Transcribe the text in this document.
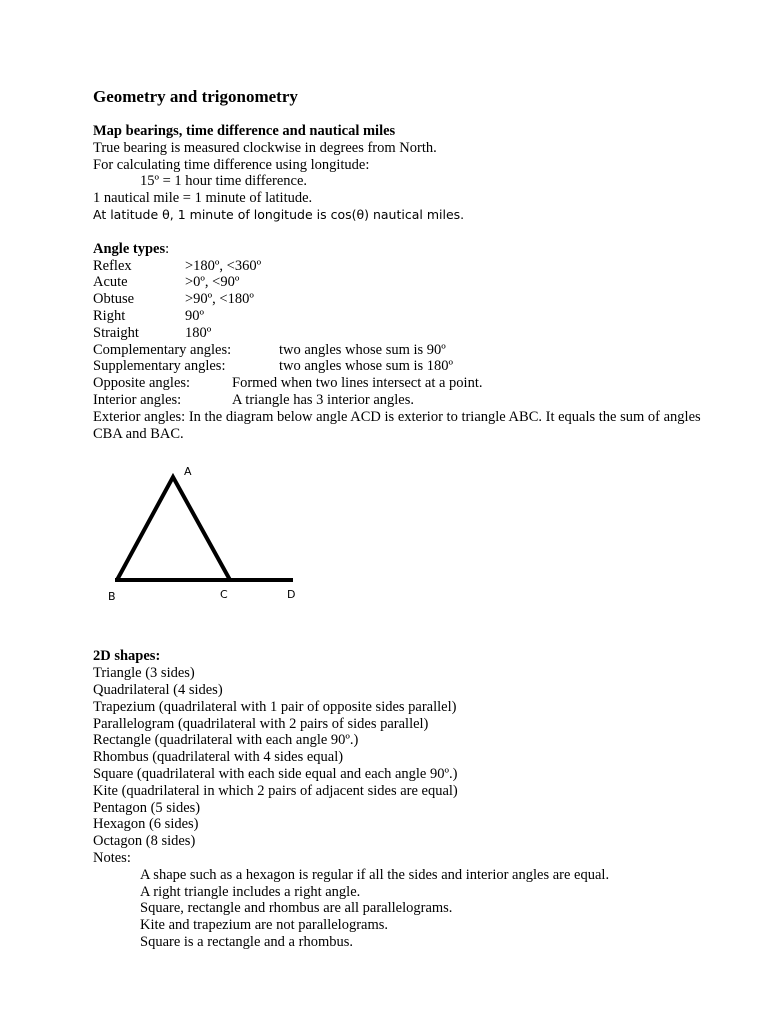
Geometry and trigonometry
Map bearings, time difference and nautical miles
True bearing is measured clockwise in degrees from North.
For calculating time difference using longitude:
15º = 1 hour time difference.
1 nautical mile = 1 minute of latitude.
At latitude θ, 1 minute of longitude is cos(θ) nautical miles.
Angle types:
Reflex	>180º, <360º
Acute	>0º, <90º
Obtuse	>90º, <180º
Right	90º
Straight	180º
Complementary angles:	two angles whose sum is 90º
Supplementary angles:	two angles whose sum is 180º
Opposite angles:	Formed when two lines intersect at a point.
Interior angles:	A triangle has 3 interior angles.
Exterior angles: In the diagram below angle ACD is exterior to triangle ABC. It equals the sum of angles CBA and BAC.
A
B	C	D
2D shapes:
Triangle (3 sides)
Quadrilateral (4 sides)
Trapezium (quadrilateral with 1 pair of opposite sides parallel)
Parallelogram (quadrilateral with 2 pairs of sides parallel)
Rectangle (quadrilateral with each angle 90º.)
Rhombus (quadrilateral with 4 sides equal)
Square (quadrilateral with each side equal and each angle 90º.)
Kite (quadrilateral in which 2 pairs of adjacent sides are equal)
Pentagon (5 sides)
Hexagon (6 sides)
Octagon (8 sides)
Notes:
A shape such as a hexagon is regular if all the sides and interior angles are equal.
A right triangle includes a right angle.
Square, rectangle and rhombus are all parallelograms.
Kite and trapezium are not parallelograms.
Square is a rectangle and a rhombus.
